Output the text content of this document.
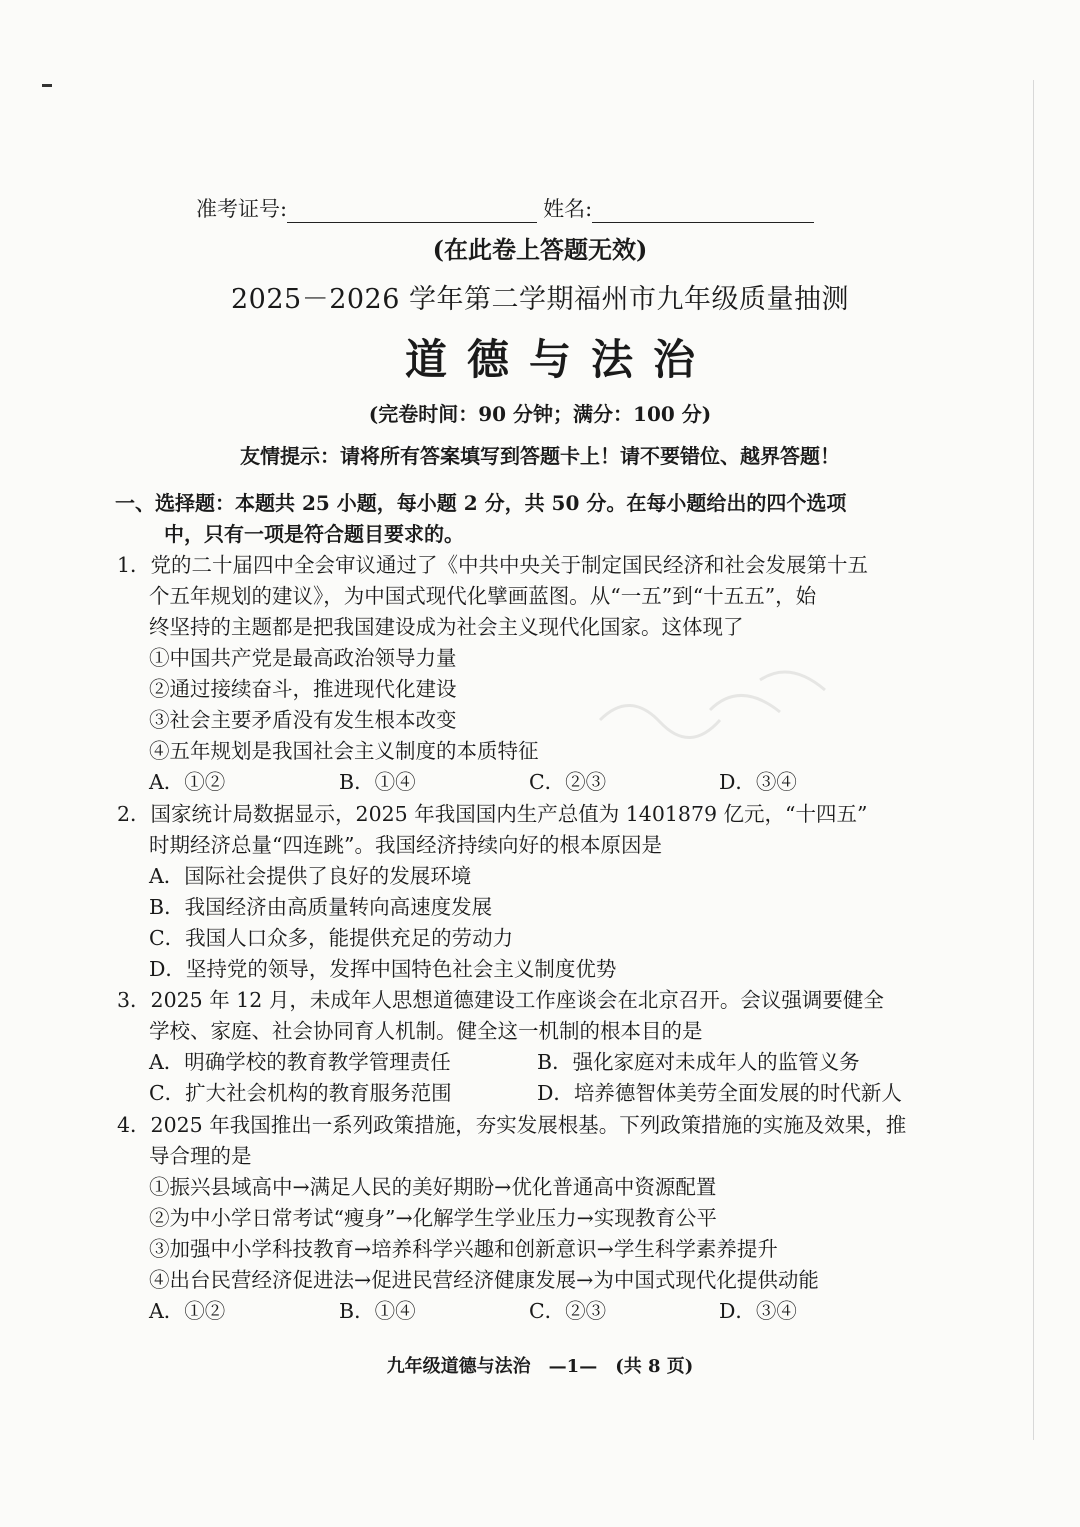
准考证号:	姓名:
(在此卷上答题无效)
2025－2026 学年第二学期福州市九年级质量抽测
道德与法治
(完卷时间：90 分钟；满分：100 分)
友情提示：请将所有答案填写到答题卡上！请不要错位、越界答题！
一、选择题：本题共 25 小题，每小题 2 分，共 50 分。在每小题给出的四个选项
中，只有一项是符合题目要求的。
1．党的二十届四中全会审议通过了《中共中央关于制定国民经济和社会发展第十五
个五年规划的建议》，为中国式现代化擘画蓝图。从“一五”到“十五五”，始
终坚持的主题都是把我国建设成为社会主义现代化国家。这体现了
①中国共产党是最高政治领导力量
②通过接续奋斗，推进现代化建设
③社会主要矛盾没有发生根本改变
④五年规划是我国社会主义制度的本质特征
A．①②	B．①④	C．②③	D．③④
2．国家统计局数据显示，2025 年我国国内生产总值为 1401879 亿元，“十四五”
时期经济总量“四连跳”。我国经济持续向好的根本原因是
A．国际社会提供了良好的发展环境
B．我国经济由高质量转向高速度发展
C．我国人口众多，能提供充足的劳动力
D．坚持党的领导，发挥中国特色社会主义制度优势
3．2025 年 12 月，未成年人思想道德建设工作座谈会在北京召开。会议强调要健全
学校、家庭、社会协同育人机制。健全这一机制的根本目的是
A．明确学校的教育教学管理责任	B．强化家庭对未成年人的监管义务
C．扩大社会机构的教育服务范围	D．培养德智体美劳全面发展的时代新人
4．2025 年我国推出一系列政策措施，夯实发展根基。下列政策措施的实施及效果，推
导合理的是
①振兴县域高中→满足人民的美好期盼→优化普通高中资源配置
②为中小学日常考试“瘦身”→化解学生学业压力→实现教育公平
③加强中小学科技教育→培养科学兴趣和创新意识→学生科学素养提升
④出台民营经济促进法→促进民营经济健康发展→为中国式现代化提供动能
A．①②	B．①④	C．②③	D．③④
九年级道德与法治　—1—　(共 8 页)
